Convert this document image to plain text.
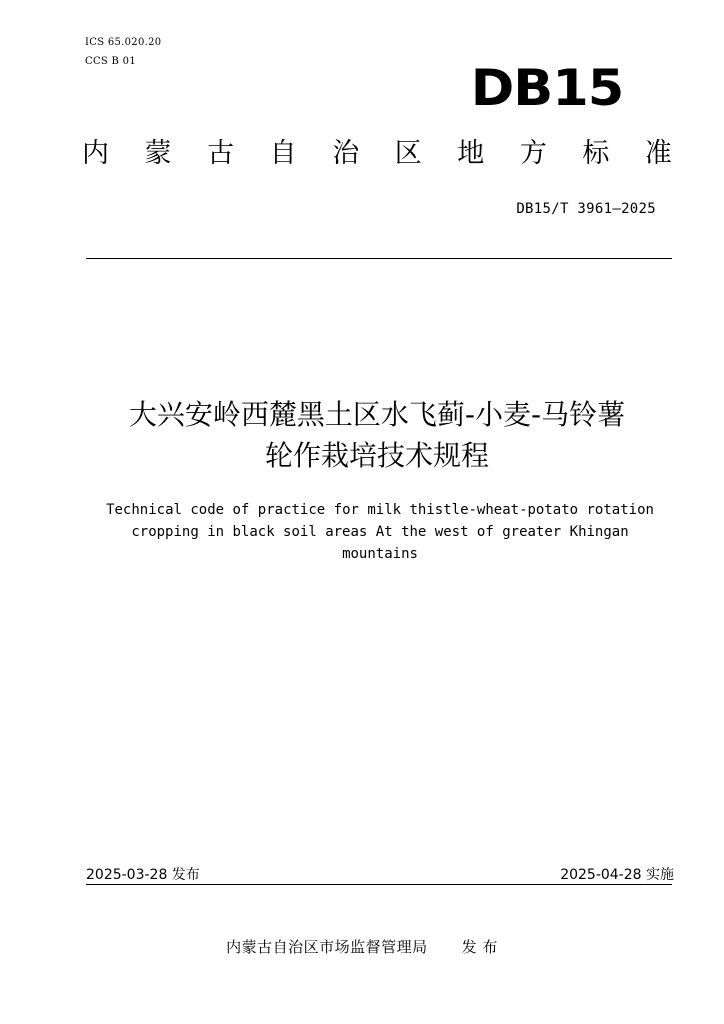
ICS 65.020.20
CCS B 01	DB15
内 蒙 古 自 治 区 地 方 标 准
DB15/T 3961—2025
大兴安岭西麓黑土区水飞蓟-小麦-马铃薯
轮作栽培技术规程
Technical code of practice for milk thistle-wheat-potato rotation
cropping in black soil areas At the west of greater Khingan
mountains
2025-03-28 发布	2025-04-28 实施
内蒙古自治区市场监督管理局 发 布
